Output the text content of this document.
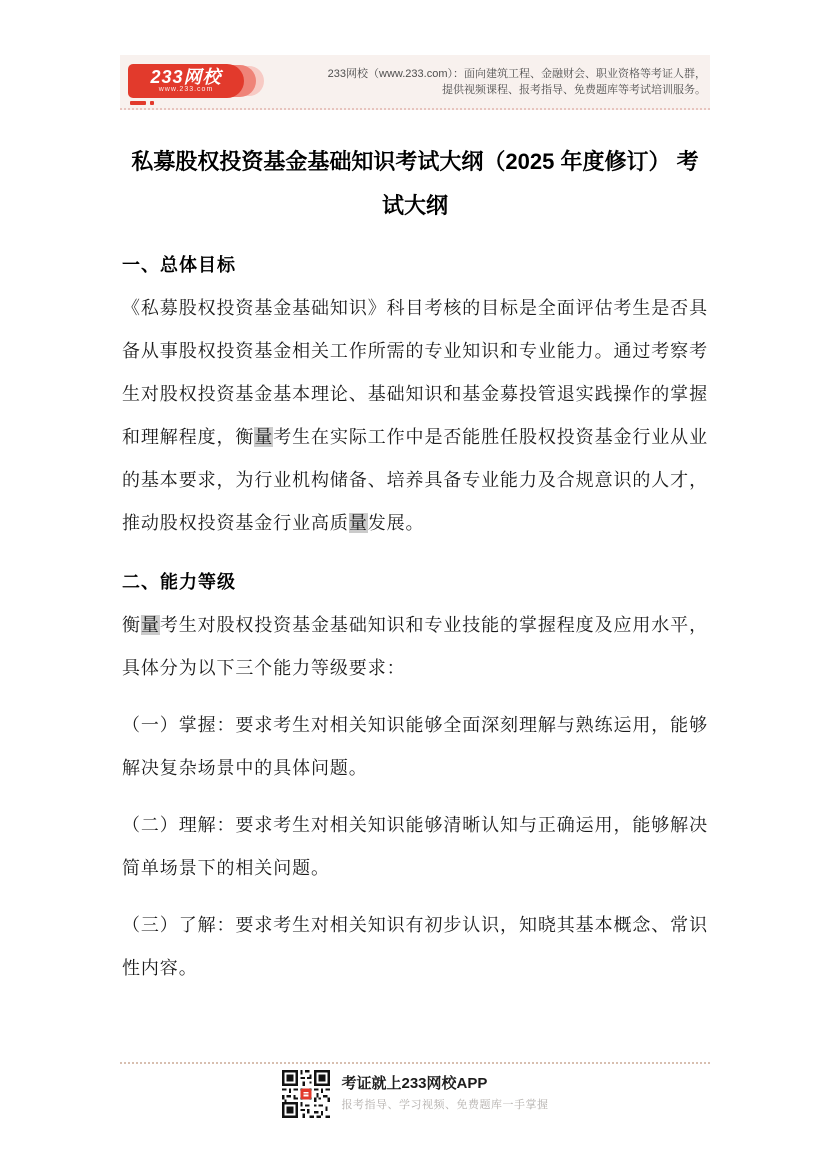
233网校
www.233.com
233网校（www.233.com）：面向建筑工程、金融财会、职业资格等考证人群，
提供视频课程、报考指导、免费题库等考试培训服务。
私募股权投资基金基础知识考试大纲（2025 年度修订） 考试大纲
一、总体目标

《私募股权投资基金基础知识》科目考核的目标是全面评估考生是否具备从事股权投资基金相关工作所需的专业知识和专业能力。通过考察考生对股权投资基金基本理论、基础知识和基金募投管退实践操作的掌握和理解程度，衡量考生在实际工作中是否能胜任股权投资基金行业从业的基本要求，为行业机构储备、培养具备专业能力及合规意识的人才，推动股权投资基金行业高质量发展。

二、能力等级

衡量考生对股权投资基金基础知识和专业技能的掌握程度及应用水平，具体分为以下三个能力等级要求：

（一）掌握：要求考生对相关知识能够全面深刻理解与熟练运用，能够解决复杂场景中的具体问题。

（二）理解：要求考生对相关知识能够清晰认知与正确运用，能够解决简单场景下的相关问题。

（三）了解：要求考生对相关知识有初步认识，知晓其基本概念、常识性内容。

考证就上233网校APP
报考指导、学习视频、免费题库一手掌握
